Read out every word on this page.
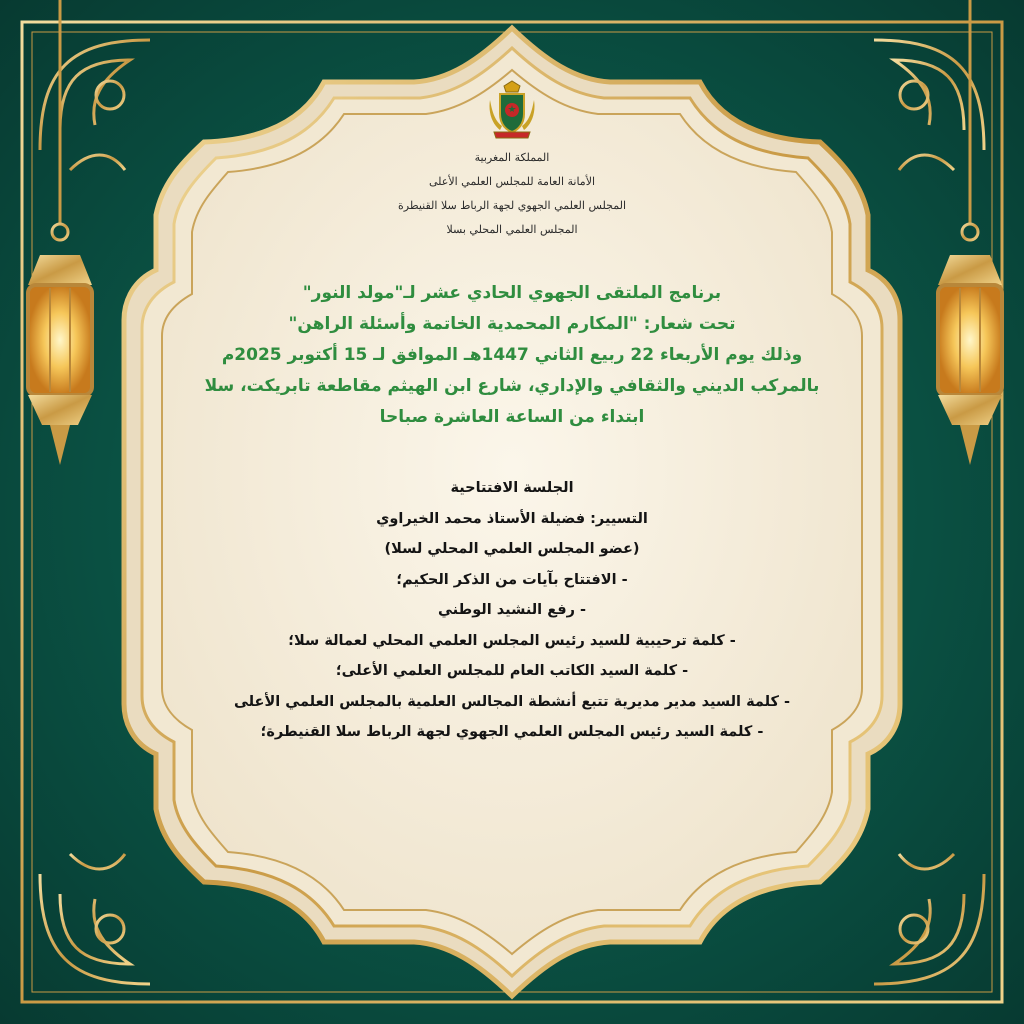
المملكة المغربية

الأمانة العامة للمجلس العلمي الأعلى

المجلس العلمي الجهوي لجهة الرباط سلا القنيطرة

المجلس العلمي المحلي بسلا

برنامج الملتقى الجهوي الحادي عشر لـ"مولد النور"

تحت شعار: "المكارم المحمدية الخاتمة وأسئلة الراهن"

وذلك يوم الأربعاء 22 ربيع الثاني 1447هـ الموافق لـ 15 أكتوبر 2025م

بالمركب الديني والثقافي والإداري، شارع ابن الهيثم مقاطعة تابريكت، سلا

ابتداء من الساعة العاشرة صباحا

الجلسة الافتتاحية

التسيير: فضيلة الأستاذ محمد الخيراوي

(عضو المجلس العلمي المحلي لسلا)

- الافتتاح بآيات من الذكر الحكيم؛

- رفع النشيد الوطني

- كلمة ترحيبية للسيد رئيس المجلس العلمي المحلي لعمالة سلا؛

- كلمة السيد الكاتب العام للمجلس العلمي الأعلى؛

- كلمة السيد مدير مديرية تتبع أنشطة المجالس العلمية بالمجلس العلمي الأعلى

- كلمة السيد رئيس المجلس العلمي الجهوي لجهة الرباط سلا القنيطرة؛
